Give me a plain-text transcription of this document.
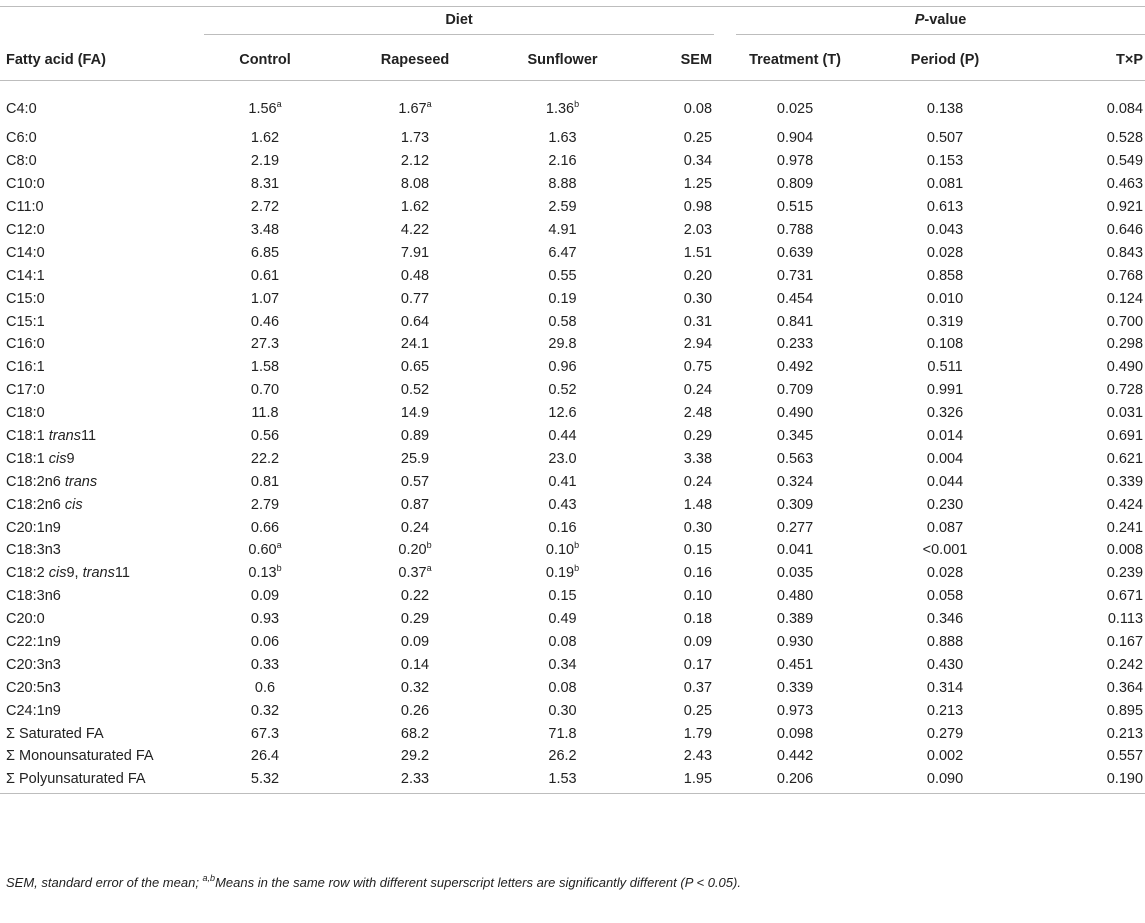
	Diet				P-value		

Fatty acid (FA)	Control	Rapeseed	Sunflower	SEM	Treatment (T)	Period (P)	T×P
C4:0	1.56$^a$	1.67$^a$	1.36$^b$	0.08	0.025	0.138	0.084
C6:0	1.62	1.73	1.63	0.25	0.904	0.507	0.528
C8:0	2.19	2.12	2.16	0.34	0.978	0.153	0.549
C10:0	8.31	8.08	8.88	1.25	0.809	0.081	0.463
C11:0	2.72	1.62	2.59	0.98	0.515	0.613	0.921
C12:0	3.48	4.22	4.91	2.03	0.788	0.043	0.646
C14:0	6.85	7.91	6.47	1.51	0.639	0.028	0.843
C14:1	0.61	0.48	0.55	0.20	0.731	0.858	0.768
C15:0	1.07	0.77	0.19	0.30	0.454	0.010	0.124
C15:1	0.46	0.64	0.58	0.31	0.841	0.319	0.700
C16:0	27.3	24.1	29.8	2.94	0.233	0.108	0.298
C16:1	1.58	0.65	0.96	0.75	0.492	0.511	0.490
C17:0	0.70	0.52	0.52	0.24	0.709	0.991	0.728
C18:0	11.8	14.9	12.6	2.48	0.490	0.326	0.031
C18:1 trans11	0.56	0.89	0.44	0.29	0.345	0.014	0.691
C18:1 cis9	22.2	25.9	23.0	3.38	0.563	0.004	0.621
C18:2n6 trans	0.81	0.57	0.41	0.24	0.324	0.044	0.339
C18:2n6 cis	2.79	0.87	0.43	1.48	0.309	0.230	0.424
C20:1n9	0.66	0.24	0.16	0.30	0.277	0.087	0.241
C18:3n3	0.60$^a$	0.20$^b$	0.10$^b$	0.15	0.041	<0.001	0.008
C18:2 cis9, trans11	0.13$^b$	0.37$^a$	0.19$^b$	0.16	0.035	0.028	0.239
C18:3n6	0.09	0.22	0.15	0.10	0.480	0.058	0.671
C20:0	0.93	0.29	0.49	0.18	0.389	0.346	0.113
C22:1n9	0.06	0.09	0.08	0.09	0.930	0.888	0.167
C20:3n3	0.33	0.14	0.34	0.17	0.451	0.430	0.242
C20:5n3	0.6	0.32	0.08	0.37	0.339	0.314	0.364
C24:1n9	0.32	0.26	0.30	0.25	0.973	0.213	0.895
Σ Saturated FA	67.3	68.2	71.8	1.79	0.098	0.279	0.213
Σ Monounsaturated FA	26.4	29.2	26.2	2.43	0.442	0.002	0.557
Σ Polyunsaturated FA	5.32	2.33	1.53	1.95	0.206	0.090	0.190
SEM, standard error of the mean; $^{a,b}$Means in the same row with different superscript letters are significantly different (P < 0.05).
